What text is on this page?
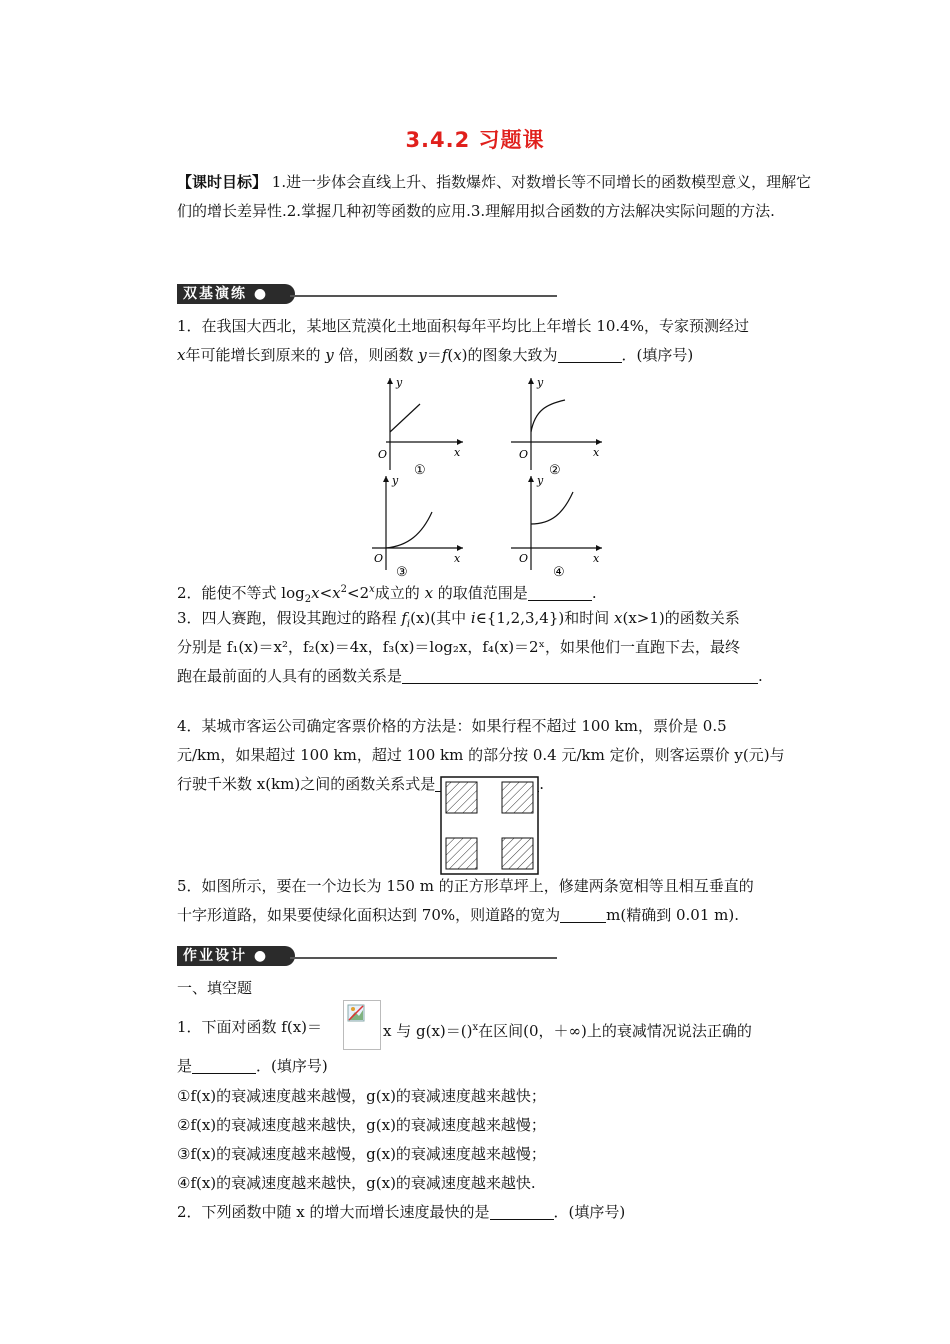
3.4.2 习题课
【课时目标】 1.进一步体会直线上升、指数爆炸、对数增长等不同增长的函数模型意义，理解它们的增长差异性.2.掌握几种初等函数的应用.3.理解用拟合函数的方法解决实际问题的方法.
双基演练 ●
1．在我国大西北，某地区荒漠化土地面积每年平均比上年增长 10.4%，专家预测经过
x年可能增长到原来的 y 倍，则函数 y＝f(x)的图象大致为	．(填序号)
y
x
O
①
y
x
O
②
y
x
O
③
y
x
O
④
2．能使不等式 $\log_2x<x^2<2^x$成立的 x 的取值范围是	.
3．四人赛跑，假设其跑过的路程 $f_i(x)$(其中 i∈{1,2,3,4})和时间 x(x>1)的函数关系
分别是 f₁(x)＝x²，f₂(x)＝4x，f₃(x)＝log₂x，f₄(x)＝2ˣ，如果他们一直跑下去，最终
跑在最前面的人具有的函数关系是	.
4．某城市客运公司确定客票价格的方法是：如果行程不超过 100 km，票价是 0.5
元/km，如果超过 100 km，超过 100 km 的部分按 0.4 元/km 定价，则客运票价 y(元)与
行驶千米数 x(km)之间的函数关系式是	.
5．如图所示，要在一个边长为 150 m 的正方形草坪上，修建两条宽相等且相互垂直的
十字形道路，如果要使绿化面积达到 70%，则道路的宽为	m(精确到 0.01 m).
作业设计 ●
一、填空题
1．下面对函数 f(x)＝	x 与 g(x)＝()$^x$在区间(0，＋∞)上的衰减情况说法正确的
是	．(填序号)
①f(x)的衰减速度越来越慢，g(x)的衰减速度越来越快；
②f(x)的衰减速度越来越快，g(x)的衰减速度越来越慢；
③f(x)的衰减速度越来越慢，g(x)的衰减速度越来越慢；
④f(x)的衰减速度越来越快，g(x)的衰减速度越来越快.
2．下列函数中随 x 的增大而增长速度最快的是	．(填序号)
